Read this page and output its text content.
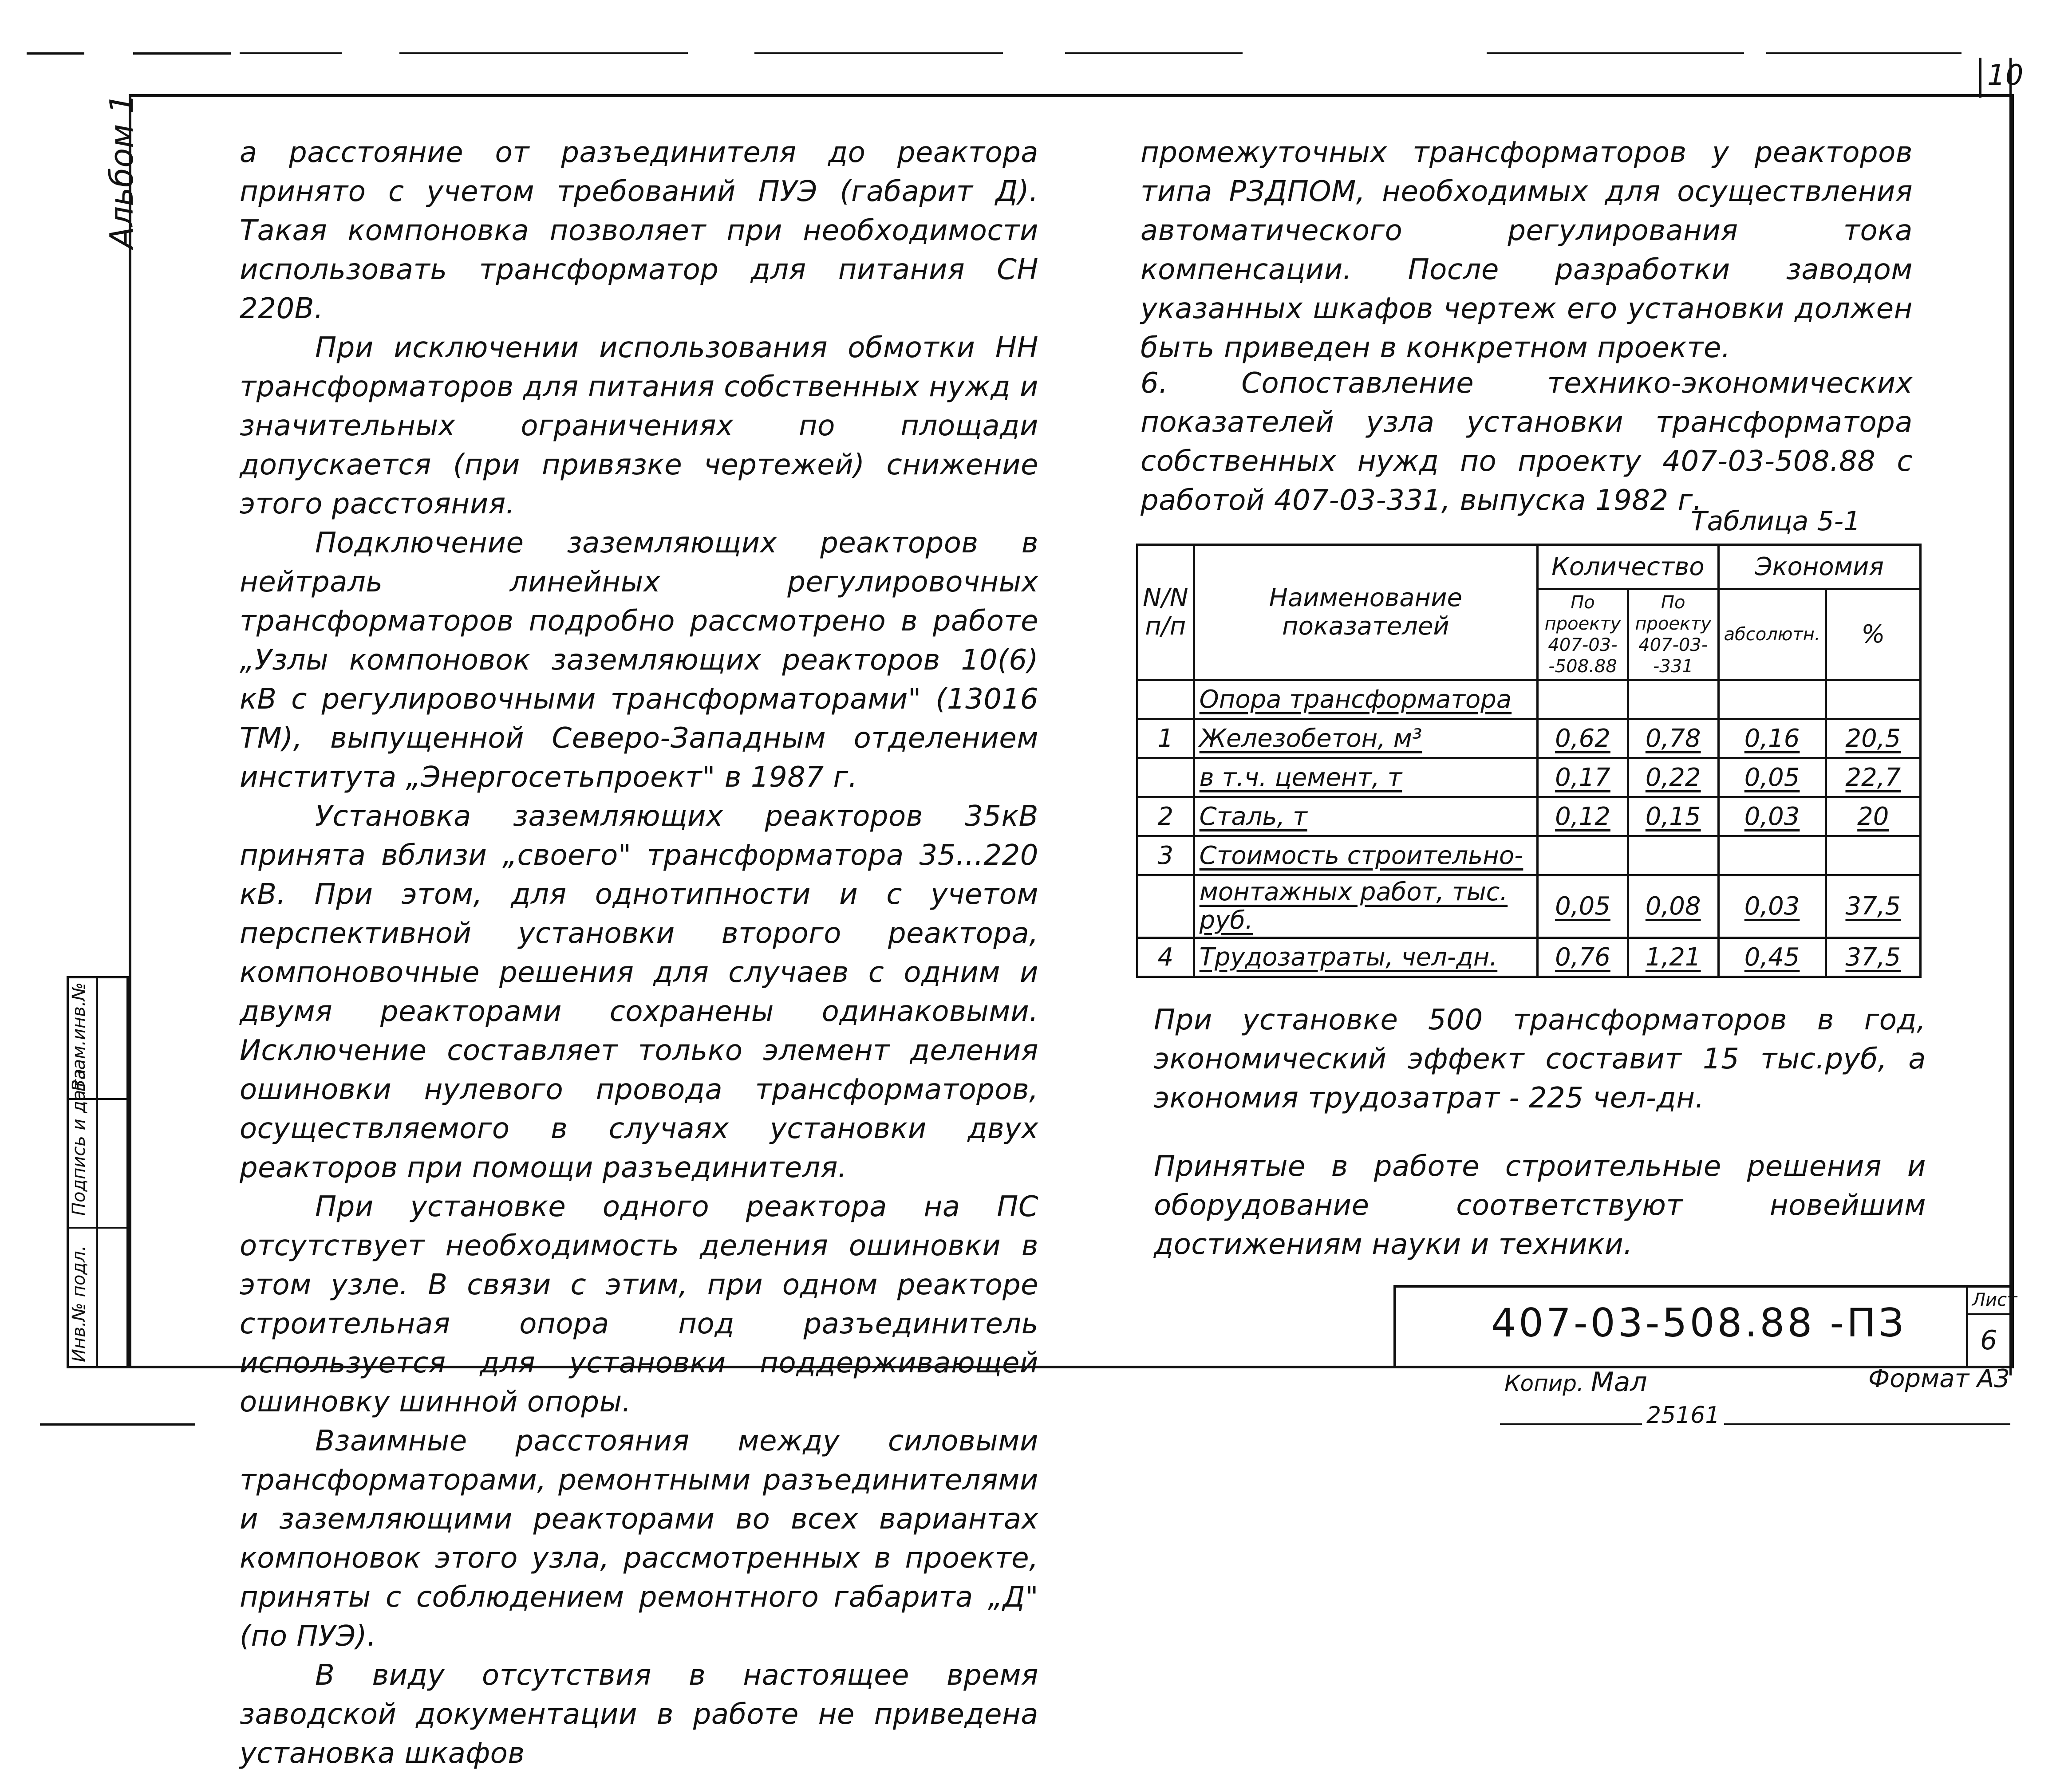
10
Альбом 1
Инв.№ подл.
Подпись и дата
Взам.инв.№

а расстояние от разъединителя до реактора принято с учетом требований ПУЭ (габарит Д). Такая компоновка позволяет при необходимости использовать трансформатор для питания СН 220В.

При исключении использования обмотки НН трансформаторов для питания собственных нужд и значительных ограничениях по площади допускается (при привязке чертежей) снижение этого расстояния.

Подключение заземляющих реакторов в нейтраль линейных регулировочных трансформаторов подробно рассмотрено в работе „Узлы компоновок заземляющих реакторов 10(6) кВ с регулировочными трансформаторами" (13016 ТМ), выпущенной Северо-Западным отделением института „Энергосетьпроект" в 1987 г.

Установка заземляющих реакторов 35кВ принята вблизи „своего" трансформатора 35...220 кВ. При этом, для однотипности и с учетом перспективной установки второго реактора, компоновочные решения для случаев с одним и двумя реакторами сохранены одинаковыми. Исключение составляет только элемент деления ошиновки нулевого провода трансформаторов, осуществляемого в случаях установки двух реакторов при помощи разъединителя.

При установке одного реактора на ПС отсутствует необходимость деления ошиновки в этом узле. В связи с этим, при одном реакторе строительная опора под разъединитель используется для установки поддерживающей ошиновку шинной опоры.

Взаимные расстояния между силовыми трансформаторами, ремонтными разъединителями и заземляющими реакторами во всех вариантах компоновок этого узла, рассмотренных в проекте, приняты с соблюдением ремонтного габарита „Д" (по ПУЭ).

В виду отсутствия в настоящее время заводской документации в работе не приведена установка шкафов

промежуточных трансформаторов у реакторов типа РЗДПОМ, необходимых для осуществления автоматического регулирования тока компенсации. После разработки заводом указанных шкафов чертеж его установки должен быть приведен в конкретном проекте.

6. Сопоставление технико-экономических показателей узла установки трансформатора собственных нужд по проекту 407-03-508.88 с работой 407-03-331, выпуска 1982 г.

Таблица 5-1
N/N п/п	Наименование показателей	Количество		Экономия	
		По проекту 407-03- -508.88	По проекту 407-03- -331	абсолютн.	%
	Опора трансформатора				
1	Железобетон, м³	0,62	0,78	0,16	20,5
	в т.ч. цемент, т	0,17	0,22	0,05	22,7
2	Сталь, т	0,12	0,15	0,03	20
3	Стоимость строительно-				
	монтажных работ, тыс. руб.	0,05	0,08	0,03	37,5
4	Трудозатраты, чел-дн.	0,76	1,21	0,45	37,5

При установке 500 трансформаторов в год, экономический эффект составит 15 тыс.руб, а экономия трудозатрат - 225 чел-дн.

Принятые в работе строительные решения и оборудование соответствуют новейшим достижениям науки и техники.

407-03-508.88 -ПЗ	Лист
6
Копир. Мал	Формат А3
25161
